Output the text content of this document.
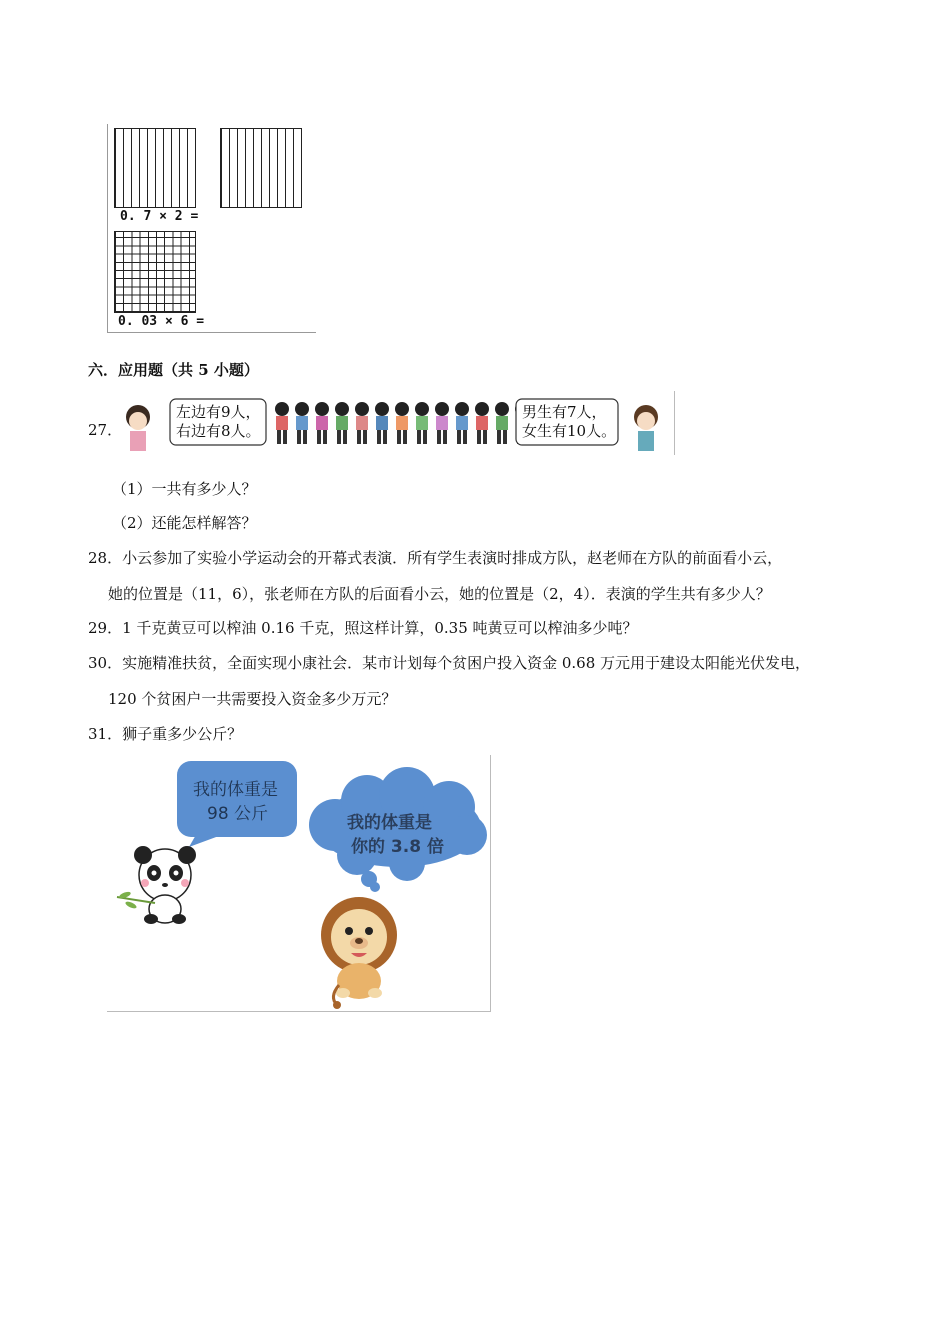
0. 7 × 2 =
0. 03 × 6 =
六．应用题（共 5 小题）
27．
左边有9人，
右边有8人。
男生有7人，
女生有10人。
（1）一共有多少人？
（2）还能怎样解答？
28．小云参加了实验小学运动会的开幕式表演．所有学生表演时排成方队，赵老师在方队的前面看小云，
她的位置是（11，6），张老师在方队的后面看小云，她的位置是（2，4）．表演的学生共有多少人？
29．1 千克黄豆可以榨油 0.16 千克，照这样计算，0.35 吨黄豆可以榨油多少吨？
30．实施精准扶贫，全面实现小康社会．某市计划每个贫困户投入资金 0.68 万元用于建设太阳能光伏发电，
120 个贫困户一共需要投入资金多少万元？
31．狮子重多少公斤？
我的体重是
98 公斤	我的体重是
你的 3.8 倍
